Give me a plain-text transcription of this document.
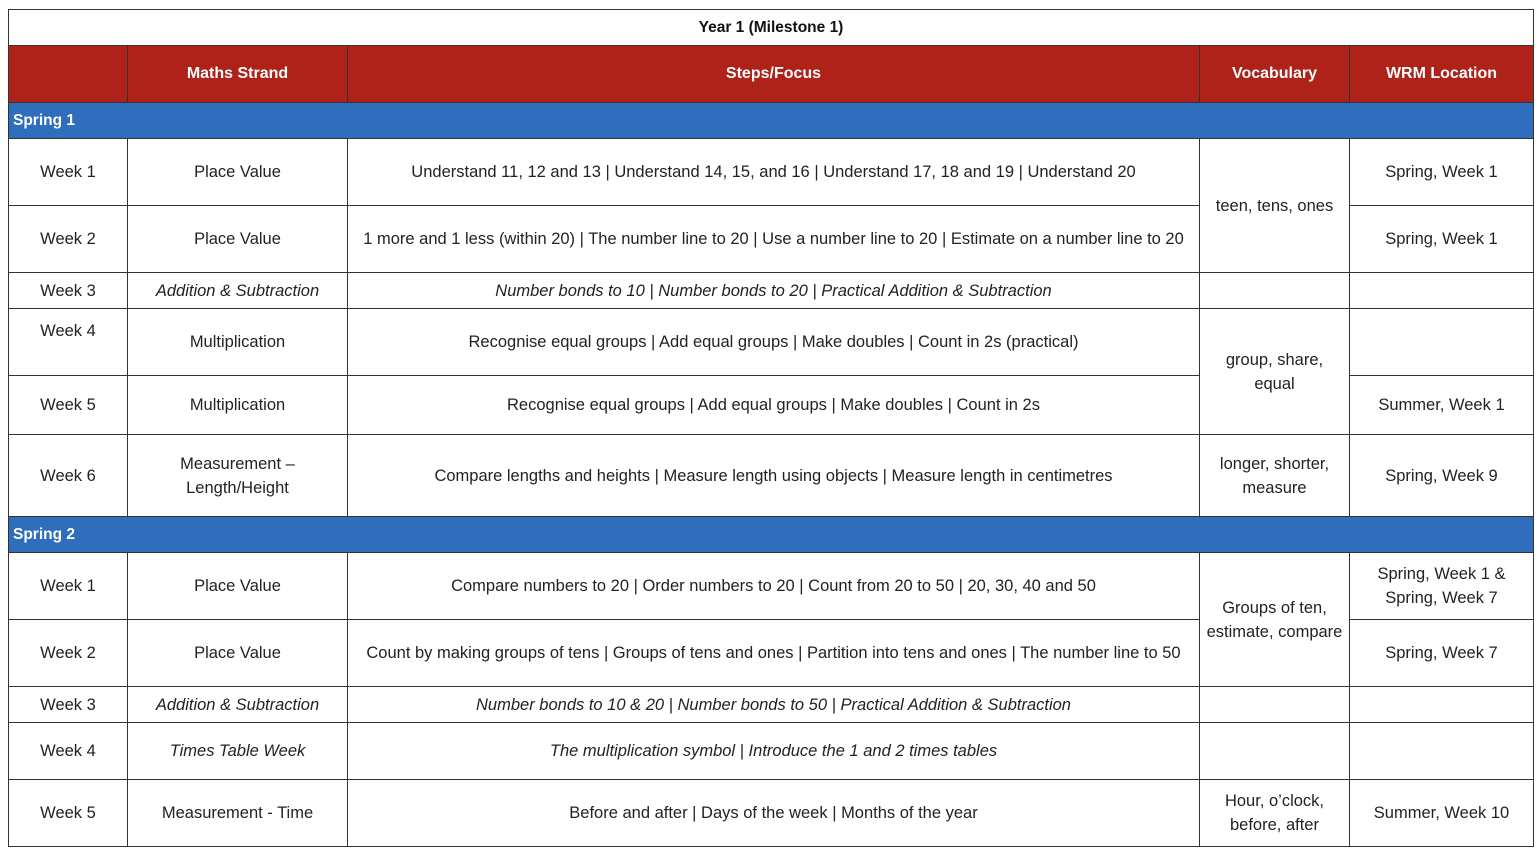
Year 1 (Milestone 1)				
	Maths Strand	Steps/Focus	Vocabulary	WRM Location
Spring 1				
Week 1	Place Value	Understand 11, 12 and 13 | Understand 14, 15, and 16 | Understand 17, 18 and 19 | Understand 20	teen, tens, ones	Spring, Week 1
Week 2	Place Value	1 more and 1 less (within 20) | The number line to 20 | Use a number line to 20 | Estimate on a number line to 20		Spring, Week 1
Week 3	Addition & Subtraction	Number bonds to 10 | Number bonds to 20 | Practical Addition & Subtraction		
Week 4	Multiplication	Recognise equal groups | Add equal groups | Make doubles | Count in 2s (practical)	group, share, equal	
Week 5	Multiplication	Recognise equal groups | Add equal groups | Make doubles | Count in 2s		Summer, Week 1
Week 6	Measurement – Length/Height	Compare lengths and heights | Measure length using objects | Measure length in centimetres	longer, shorter, measure	Spring, Week 9
Spring 2				
Week 1	Place Value	Compare numbers to 20 | Order numbers to 20 | Count from 20 to 50 | 20, 30, 40 and 50	Groups of ten, estimate, compare	Spring, Week 1 & Spring, Week 7
Week 2	Place Value	Count by making groups of tens | Groups of tens and ones | Partition into tens and ones | The number line to 50		Spring, Week 7
Week 3	Addition & Subtraction	Number bonds to 10 & 20 | Number bonds to 50 | Practical Addition & Subtraction		
Week 4	Times Table Week	The multiplication symbol | Introduce the 1 and 2 times tables		
Week 5	Measurement - Time	Before and after | Days of the week | Months of the year	Hour, o’clock, before, after	Summer, Week 10
